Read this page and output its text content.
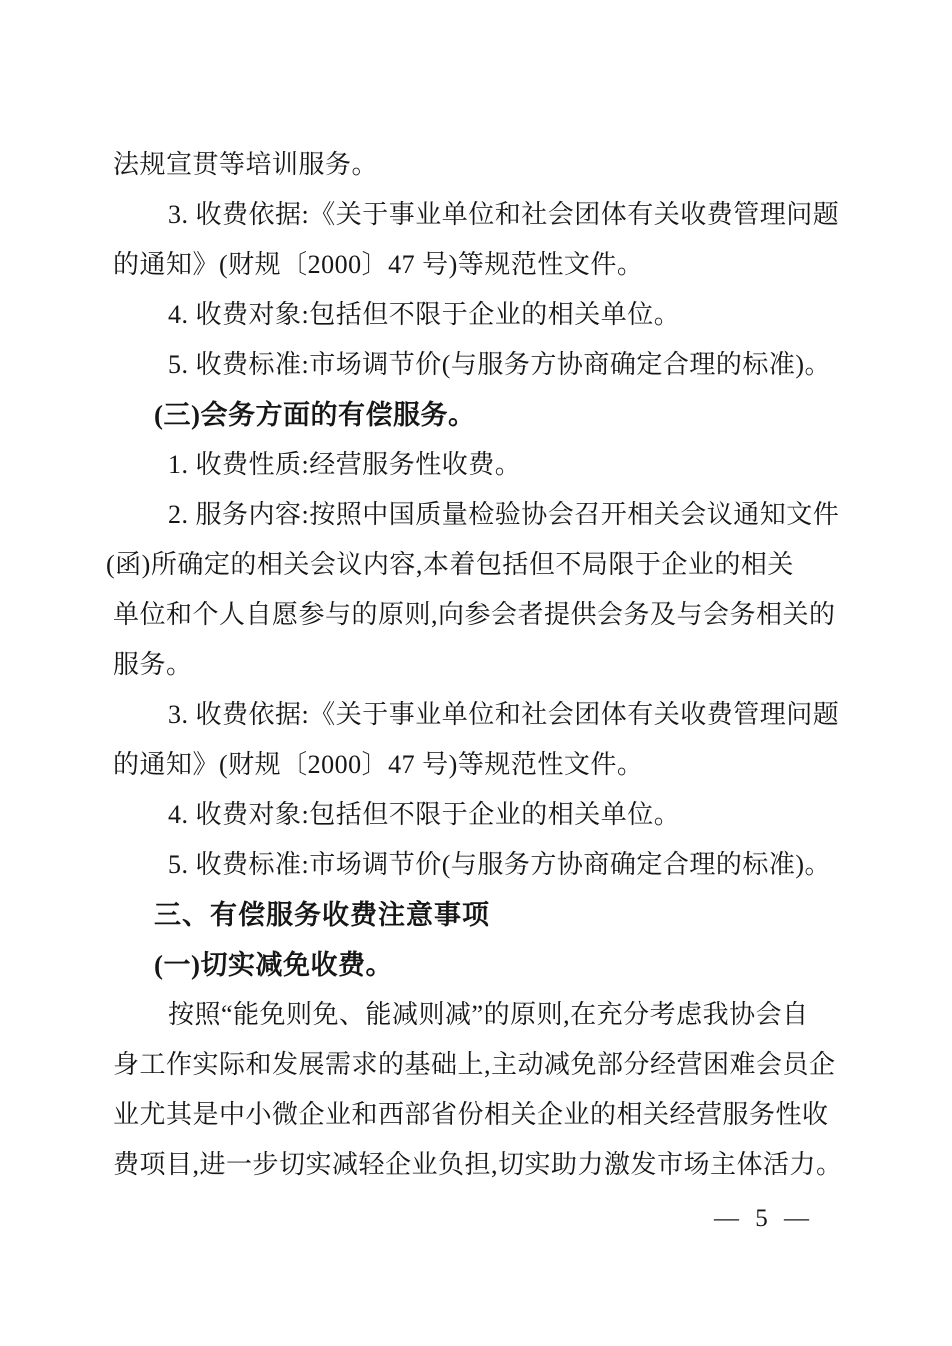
法规宣贯等培训服务。
3. 收费依据:《关于事业单位和社会团体有关收费管理问题
的通知》(财规〔2000〕47 号)等规范性文件。
4. 收费对象:包括但不限于企业的相关单位。
5. 收费标准:市场调节价(与服务方协商确定合理的标准)。
(三)会务方面的有偿服务。
1. 收费性质:经营服务性收费。
2. 服务内容:按照中国质量检验协会召开相关会议通知文件
(函)所确定的相关会议内容,本着包括但不局限于企业的相关
单位和个人自愿参与的原则,向参会者提供会务及与会务相关的
服务。
3. 收费依据:《关于事业单位和社会团体有关收费管理问题
的通知》(财规〔2000〕47 号)等规范性文件。
4. 收费对象:包括但不限于企业的相关单位。
5. 收费标准:市场调节价(与服务方协商确定合理的标准)。
三、有偿服务收费注意事项
(一)切实减免收费。
按照“能免则免、能减则减”的原则,在充分考虑我协会自
身工作实际和发展需求的基础上,主动减免部分经营困难会员企
业尤其是中小微企业和西部省份相关企业的相关经营服务性收
费项目,进一步切实减轻企业负担,切实助力激发市场主体活力。
— 5 —
